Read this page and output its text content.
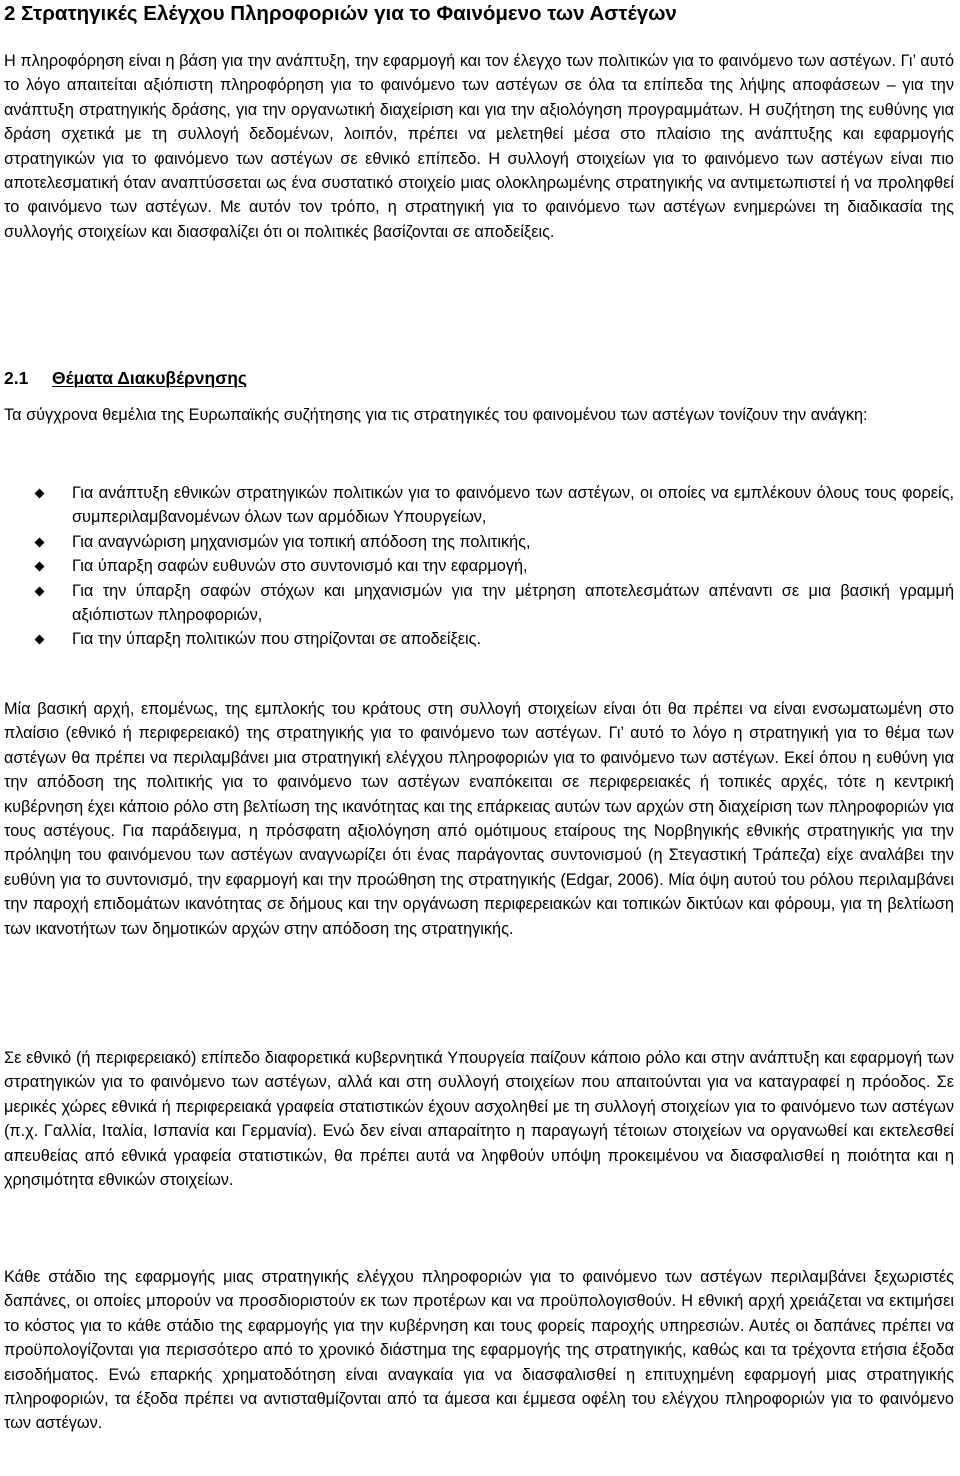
2 Στρατηγικές Ελέγχου Πληροφοριών για το Φαινόμενο των Αστέγων

Η πληροφόρηση είναι η βάση για την ανάπτυξη, την εφαρμογή και τον έλεγχο των πολιτικών για το φαινόμενο των αστέγων. Γι’ αυτό το λόγο απαιτείται αξιόπιστη πληροφόρηση για το φαινόμενο των αστέγων σε όλα τα επίπεδα της λήψης αποφάσεων – για την ανάπτυξη στρατηγικής δράσης, για την οργανωτική διαχείριση και για την αξιολόγηση προγραμμάτων. Η συζήτηση της ευθύνης για δράση σχετικά με τη συλλογή δεδομένων, λοιπόν, πρέπει να μελετηθεί μέσα στο πλαίσιο της ανάπτυξης και εφαρμογής στρατηγικών για το φαινόμενο των αστέγων σε εθνικό επίπεδο. Η συλλογή στοιχείων για το φαινόμενο των αστέγων είναι πιο αποτελεσματική όταν αναπτύσσεται ως ένα συστατικό στοιχείο μιας ολοκληρωμένης στρατηγικής να αντιμετωπιστεί ή να προληφθεί το φαινόμενο των αστέγων. Με αυτόν τον τρόπο, η στρατηγική για το φαινόμενο των αστέγων ενημερώνει τη διαδικασία της συλλογής στοιχείων και διασφαλίζει ότι οι πολιτικές βασίζονται σε αποδείξεις.

2.1 Θέματα Διακυβέρνησης

Τα σύγχρονα θεμέλια της Ευρωπαϊκής συζήτησης για τις στρατηγικές του φαινομένου των αστέγων τονίζουν την ανάγκη:

Για ανάπτυξη εθνικών στρατηγικών πολιτικών για το φαινόμενο των αστέγων, οι οποίες να εμπλέκουν όλους τους φορείς, συμπεριλαμβανομένων όλων των αρμόδιων Υπουργείων,
Για αναγνώριση μηχανισμών για τοπική απόδοση της πολιτικής,
Για ύπαρξη σαφών ευθυνών στο συντονισμό και την εφαρμογή,
Για την ύπαρξη σαφών στόχων και μηχανισμών για την μέτρηση αποτελεσμάτων απέναντι σε μια βασική γραμμή αξιόπιστων πληροφοριών,
Για την ύπαρξη πολιτικών που στηρίζονται σε αποδείξεις.

Μία βασική αρχή, επομένως, της εμπλοκής του κράτους στη συλλογή στοιχείων είναι ότι θα πρέπει να είναι ενσωματωμένη στο πλαίσιο (εθνικό ή περιφερειακό) της στρατηγικής για το φαινόμενο των αστέγων. Γι’ αυτό το λόγο η στρατηγική για το θέμα των αστέγων θα πρέπει να περιλαμβάνει μια στρατηγική ελέγχου πληροφοριών για το φαινόμενο των αστέγων. Εκεί όπου η ευθύνη για την απόδοση της πολιτικής για το φαινόμενο των αστέγων εναπόκειται σε περιφερειακές ή τοπικές αρχές, τότε η κεντρική κυβέρνηση έχει κάποιο ρόλο στη βελτίωση της ικανότητας και της επάρκειας αυτών των αρχών στη διαχείριση των πληροφοριών για τους αστέγους. Για παράδειγμα, η πρόσφατη αξιολόγηση από ομότιμους εταίρους της Νορβηγικής εθνικής στρατηγικής για την πρόληψη του φαινόμενου των αστέγων αναγνωρίζει ότι ένας παράγοντας συντονισμού (η Στεγαστική Τράπεζα) είχε αναλάβει την ευθύνη για το συντονισμό, την εφαρμογή και την προώθηση της στρατηγικής (Edgar, 2006). Μία όψη αυτού του ρόλου περιλαμβάνει την παροχή επιδομάτων ικανότητας σε δήμους και την οργάνωση περιφερειακών και τοπικών δικτύων και φόρουμ, για τη βελτίωση των ικανοτήτων των δημοτικών αρχών στην απόδοση της στρατηγικής.

Σε εθνικό (ή περιφερειακό) επίπεδο διαφορετικά κυβερνητικά Υπουργεία παίζουν κάποιο ρόλο και στην ανάπτυξη και εφαρμογή των στρατηγικών για το φαινόμενο των αστέγων, αλλά και στη συλλογή στοιχείων που απαιτούνται για να καταγραφεί η πρόοδος. Σε μερικές χώρες εθνικά ή περιφερειακά γραφεία στατιστικών έχουν ασχοληθεί με τη συλλογή στοιχείων για το φαινόμενο των αστέγων (π.χ. Γαλλία, Ιταλία, Ισπανία και Γερμανία). Ενώ δεν είναι απαραίτητο η παραγωγή τέτοιων στοιχείων να οργανωθεί και εκτελεσθεί απευθείας από εθνικά γραφεία στατιστικών, θα πρέπει αυτά να ληφθούν υπόψη προκειμένου να διασφαλισθεί η ποιότητα και η χρησιμότητα εθνικών στοιχείων.

Κάθε στάδιο της εφαρμογής μιας στρατηγικής ελέγχου πληροφοριών για το φαινόμενο των αστέγων περιλαμβάνει ξεχωριστές δαπάνες, οι οποίες μπορούν να προσδιοριστούν εκ των προτέρων και να προϋπολογισθούν. Η εθνική αρχή χρειάζεται να εκτιμήσει το κόστος για το κάθε στάδιο της εφαρμογής για την κυβέρνηση και τους φορείς παροχής υπηρεσιών. Αυτές οι δαπάνες πρέπει να προϋπολογίζονται για περισσότερο από το χρονικό διάστημα της εφαρμογής της στρατηγικής, καθώς και τα τρέχοντα ετήσια έξοδα εισοδήματος. Ενώ επαρκής χρηματοδότηση είναι αναγκαία για να διασφαλισθεί η επιτυχημένη εφαρμογή μιας στρατηγικής πληροφοριών, τα έξοδα πρέπει να αντισταθμίζονται από τα άμεσα και έμμεσα οφέλη του ελέγχου πληροφοριών για το φαινόμενο των αστέγων.
